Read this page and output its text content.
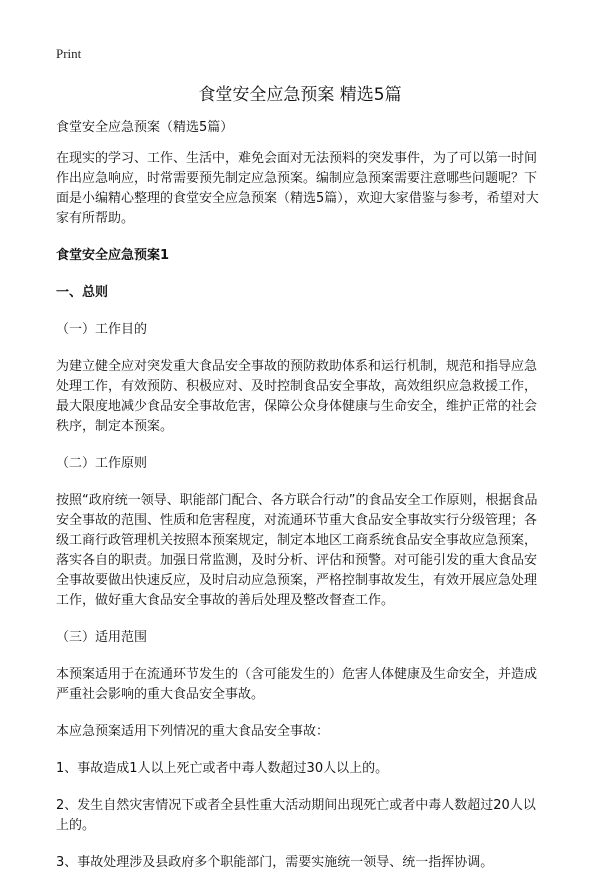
Print
食堂安全应急预案 精选5篇

食堂安全应急预案（精选5篇）

在现实的学习、工作、生活中，难免会面对无法预料的突发事件，为了可以第一时间作出应急响应，时常需要预先制定应急预案。编制应急预案需要注意哪些问题呢？下面是小编精心整理的食堂安全应急预案（精选5篇），欢迎大家借鉴与参考，希望对大家有所帮助。

食堂安全应急预案1

一、总则

（一）工作目的

为建立健全应对突发重大食品安全事故的预防救助体系和运行机制，规范和指导应急处理工作，有效预防、积极应对、及时控制食品安全事故，高效组织应急救援工作，最大限度地减少食品安全事故危害，保障公众身体健康与生命安全，维护正常的社会秩序，制定本预案。

（二）工作原则

按照“政府统一领导、职能部门配合、各方联合行动”的食品安全工作原则，根据食品安全事故的范围、性质和危害程度，对流通环节重大食品安全事故实行分级管理；各级工商行政管理机关按照本预案规定，制定本地区工商系统食品安全事故应急预案，落实各自的职责。加强日常监测，及时分析、评估和预警。对可能引发的重大食品安全事故要做出快速反应，及时启动应急预案，严格控制事故发生，有效开展应急处理工作，做好重大食品安全事故的善后处理及整改督查工作。

（三）适用范围

本预案适用于在流通环节发生的（含可能发生的）危害人体健康及生命安全，并造成严重社会影响的重大食品安全事故。

本应急预案适用下列情况的重大食品安全事故：

1、事故造成1人以上死亡或者中毒人数超过30人以上的。

2、发生自然灾害情况下或者全县性重大活动期间出现死亡或者中毒人数超过20人以上的。

3、事故处理涉及县政府多个职能部门，需要实施统一领导、统一指挥协调。
